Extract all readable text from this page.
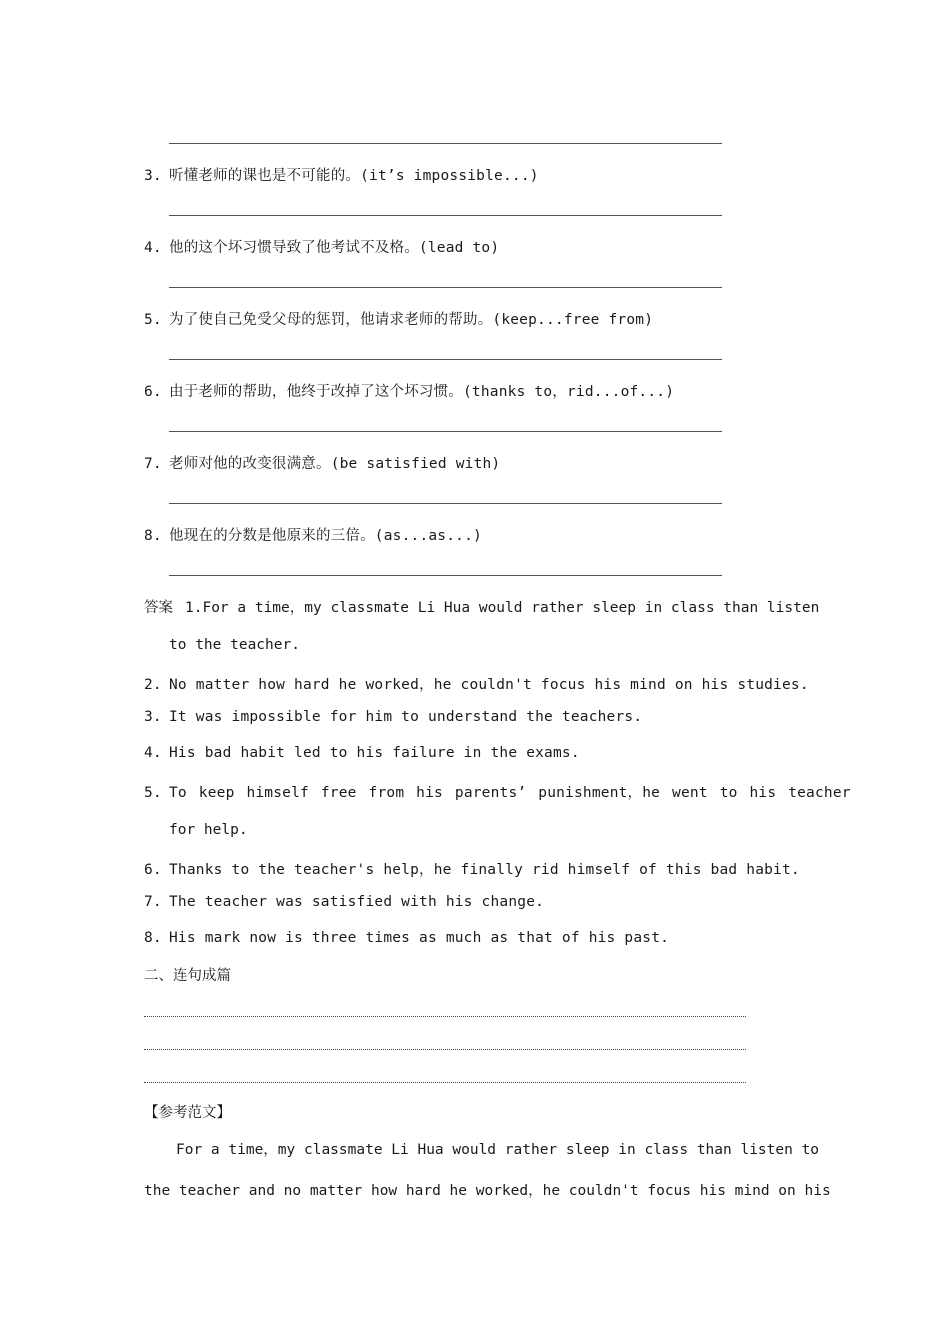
3. 听懂老师的课也是不可能的。(it’s impossible...)
4. 他的这个坏习惯导致了他考试不及格。(lead to)
5. 为了使自己免受父母的惩罚，他请求老师的帮助。(keep...free from)
6. 由于老师的帮助，他终于改掉了这个坏习惯。(thanks to，rid...of...)
7. 老师对他的改变很满意。(be satisfied with)
8. 他现在的分数是他原来的三倍。(as...as...)
答案 1.For a time，my classmate Li Hua would rather sleep in class than listen
to the teacher.
2. No matter how hard he worked，he couldn't focus his mind on his studies.
3. It was impossible for him to understand the teachers.
4. His bad habit led to his failure in the exams.
5. To keep himself free from his parents’ punishment，he went to his teacher
for help.
6. Thanks to the teacher's help，he finally rid himself of this bad habit.
7. The teacher was satisfied with his change.
8. His mark now is three times as much as that of his past.
二、连句成篇
【参考范文】
For a time，my classmate Li Hua would rather sleep in class than listen to
the teacher and no matter how hard he worked，he couldn't focus his mind on his
